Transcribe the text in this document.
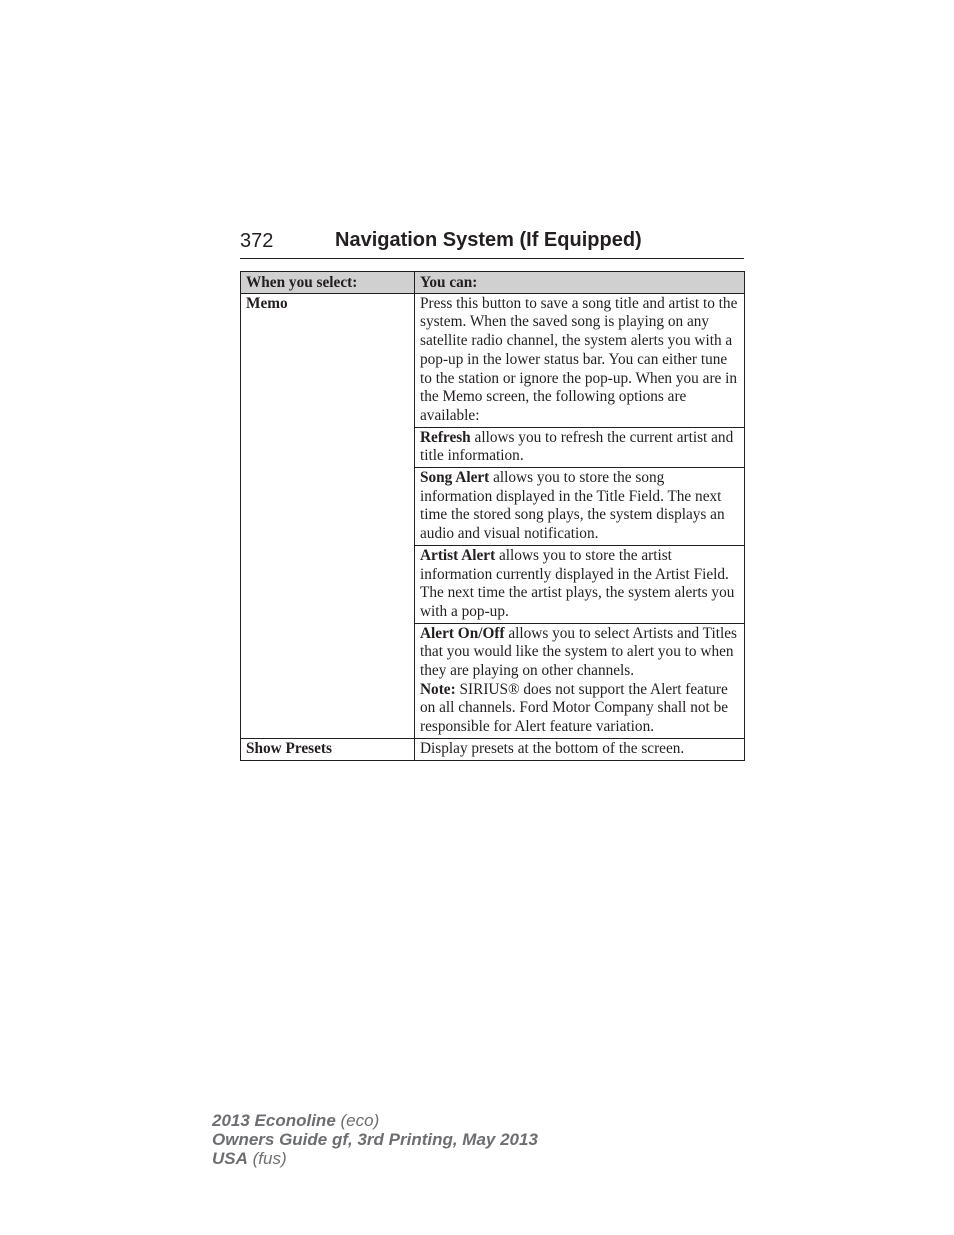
372	Navigation System (If Equipped)
When you select:	You can:
Memo	Press this button to save a song title and artist to the system. When the saved song is playing on any satellite radio channel, the system alerts you with a pop-up in the lower status bar. You can either tune to the station or ignore the pop-up. When you are in the Memo screen, the following options are available:
	Refresh allows you to refresh the current artist and title information.
	Song Alert allows you to store the song information displayed in the Title Field. The next time the stored song plays, the system displays an audio and visual notification.
	Artist Alert allows you to store the artist information currently displayed in the Artist Field. The next time the artist plays, the system alerts you with a pop-up.
	Alert On/Off allows you to select Artists and Titles that you would like the system to alert you to when they are playing on other channels.
Note: SIRIUS® does not support the Alert feature on all channels. Ford Motor Company shall not be responsible for Alert feature variation.

Show Presets	Display presets at the bottom of the screen.
2013 Econoline (eco)
Owners Guide gf, 3rd Printing, May 2013
USA (fus)
